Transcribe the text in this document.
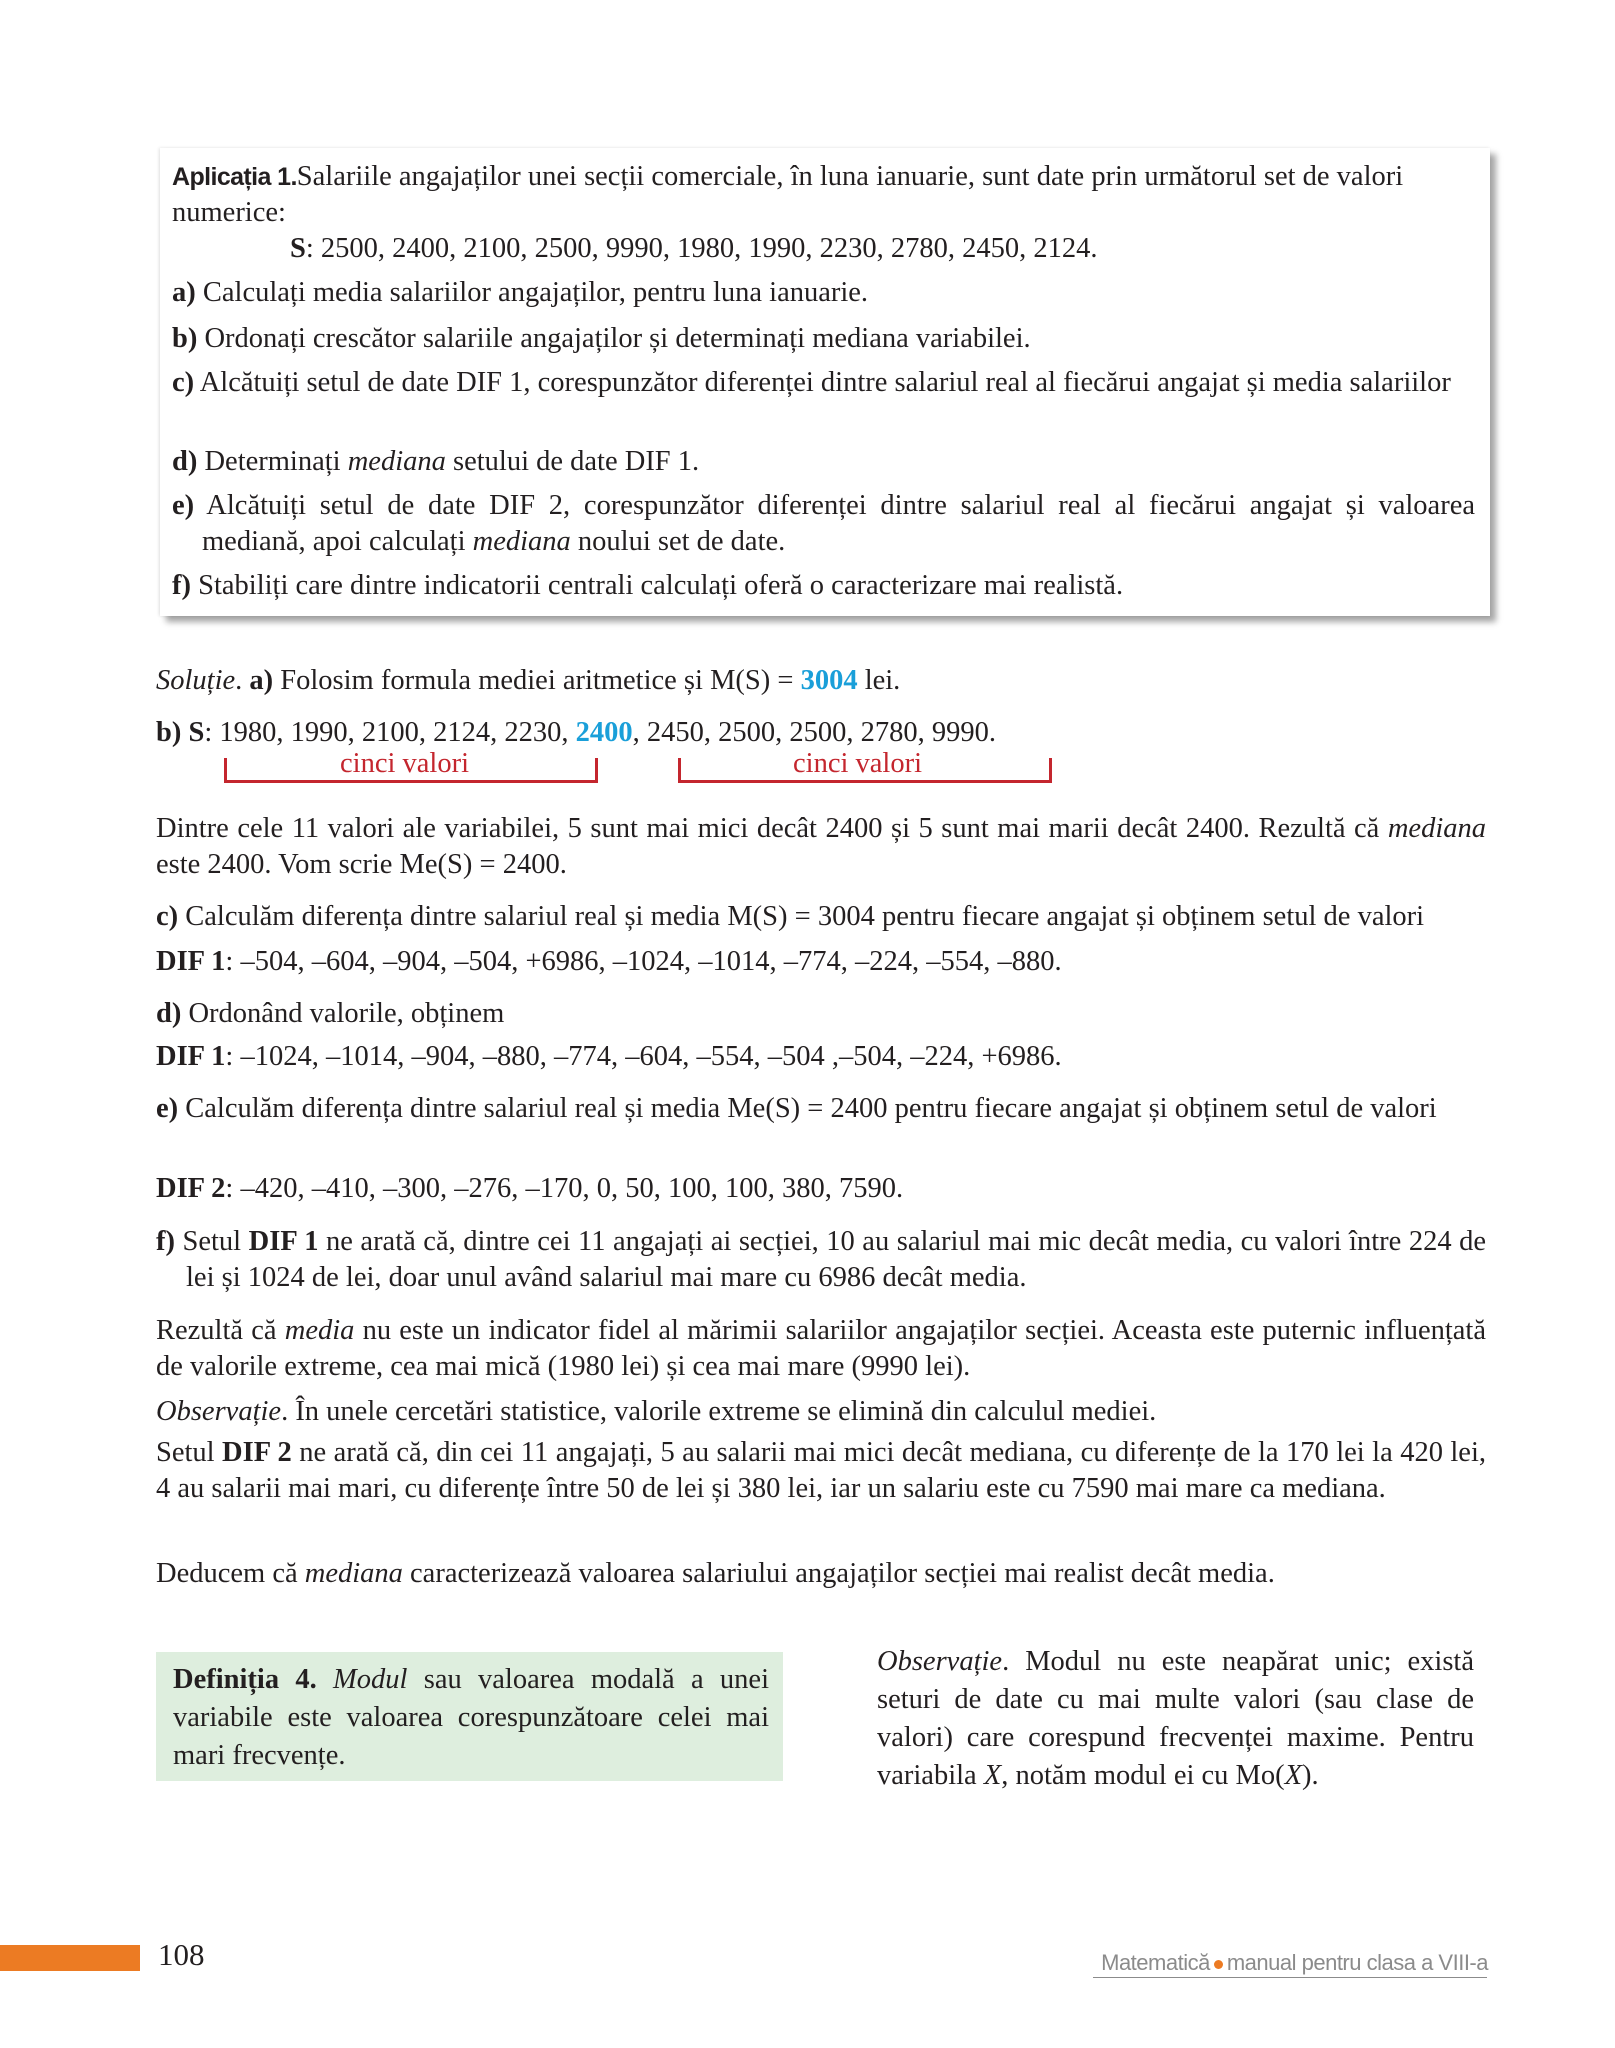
Aplicația 1.Salariile angajaților unei secții comerciale, în luna ianuarie, sunt date prin următorul set de valori
numerice:
S: 2500, 2400, 2100, 2500, 9990, 1980, 1990, 2230, 2780, 2450, 2124.
a) Calculați media salariilor angajaților, pentru luna ianuarie.
b) Ordonați crescător salariile angajaților și determinați mediana variabilei.
c) Alcătuiți setul de date DIF 1, corespunzător diferenței dintre salariul real al fiecărui angajat și media salariilor
d) Determinați mediana setului de date DIF 1.
e) Alcătuiți setul de date DIF 2, corespunzător diferenței dintre salariul real al fiecărui angajat și valoarea mediană, apoi calculați mediana noului set de date.
f) Stabiliți care dintre indicatorii centrali calculați oferă o caracterizare mai realistă.
Soluție. a) Folosim formula mediei aritmetice și M(S) = 3004 lei.
b) S: 1980, 1990, 2100, 2124, 2230, 2400, 2450, 2500, 2500, 2780, 9990.
cinci valori	cinci valori
Dintre cele 11 valori ale variabilei, 5 sunt mai mici decât 2400 și 5 sunt mai marii decât 2400. Rezultă că mediana este 2400. Vom scrie Me(S) = 2400.
c) Calculăm diferența dintre salariul real și media M(S) = 3004 pentru fiecare angajat și obținem setul de valori
DIF 1: –504, –604, –904, –504, +6986, –1024, –1014, –774, –224, –554, –880.
d) Ordonând valorile, obținem
DIF 1: –1024, –1014, –904, –880, –774, –604, –554, –504 ,–504, –224, +6986.
e) Calculăm diferența dintre salariul real și media Me(S) = 2400 pentru fiecare angajat și obținem setul de valori
DIF 2: –420, –410, –300, –276, –170, 0, 50, 100, 100, 380, 7590.
f) Setul DIF 1 ne arată că, dintre cei 11 angajați ai secției, 10 au salariul mai mic decât media, cu valori între 224 de lei și 1024 de lei, doar unul având salariul mai mare cu 6986 decât media.
Rezultă că media nu este un indicator fidel al mărimii salariilor angajaților secției. Aceasta este puternic influențată de valorile extreme, cea mai mică (1980 lei) și cea mai mare (9990 lei).
Observație. În unele cercetări statistice, valorile extreme se elimină din calculul mediei.
Setul DIF 2 ne arată că, din cei 11 angajați, 5 au salarii mai mici decât mediana, cu diferențe de la 170 lei la 420 lei, 4 au salarii mai mari, cu diferențe între 50 de lei și 380 lei, iar un salariu este cu 7590 mai mare ca mediana.
Deducem că mediana caracterizează valoarea salariului angajaților secției mai realist decât media.
Definiția 4. Modul sau valoarea modală a unei variabile este valoarea corespunzătoare celei mai mari frecvențe.
Observație. Modul nu este neapărat unic; există seturi de date cu mai multe valori (sau clase de valori) care corespund frecvenței maxime. Pentru variabila X, notăm modul ei cu Mo(X).
108	Matematică manual pentru clasa a VIII-a
